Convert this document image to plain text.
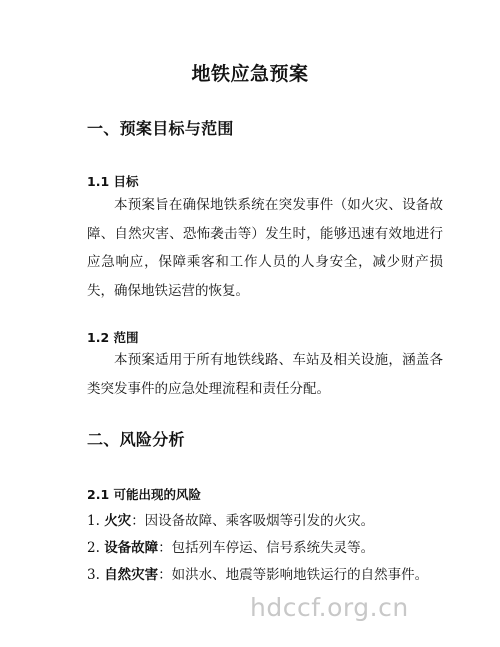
地铁应急预案
一、预案目标与范围
1.1 目标
本预案旨在确保地铁系统在突发事件（如火灾、设备故障、自然灾害、恐怖袭击等）发生时，能够迅速有效地进行应急响应，保障乘客和工作人员的人身安全，减少财产损失，确保地铁运营的恢复。
1.2 范围
本预案适用于所有地铁线路、车站及相关设施，涵盖各类突发事件的应急处理流程和责任分配。
二、风险分析
2.1 可能出现的风险
1. 火灾：因设备故障、乘客吸烟等引发的火灾。
2. 设备故障：包括列车停运、信号系统失灵等。
3. 自然灾害：如洪水、地震等影响地铁运行的自然事件。
hdccf.org.cn
